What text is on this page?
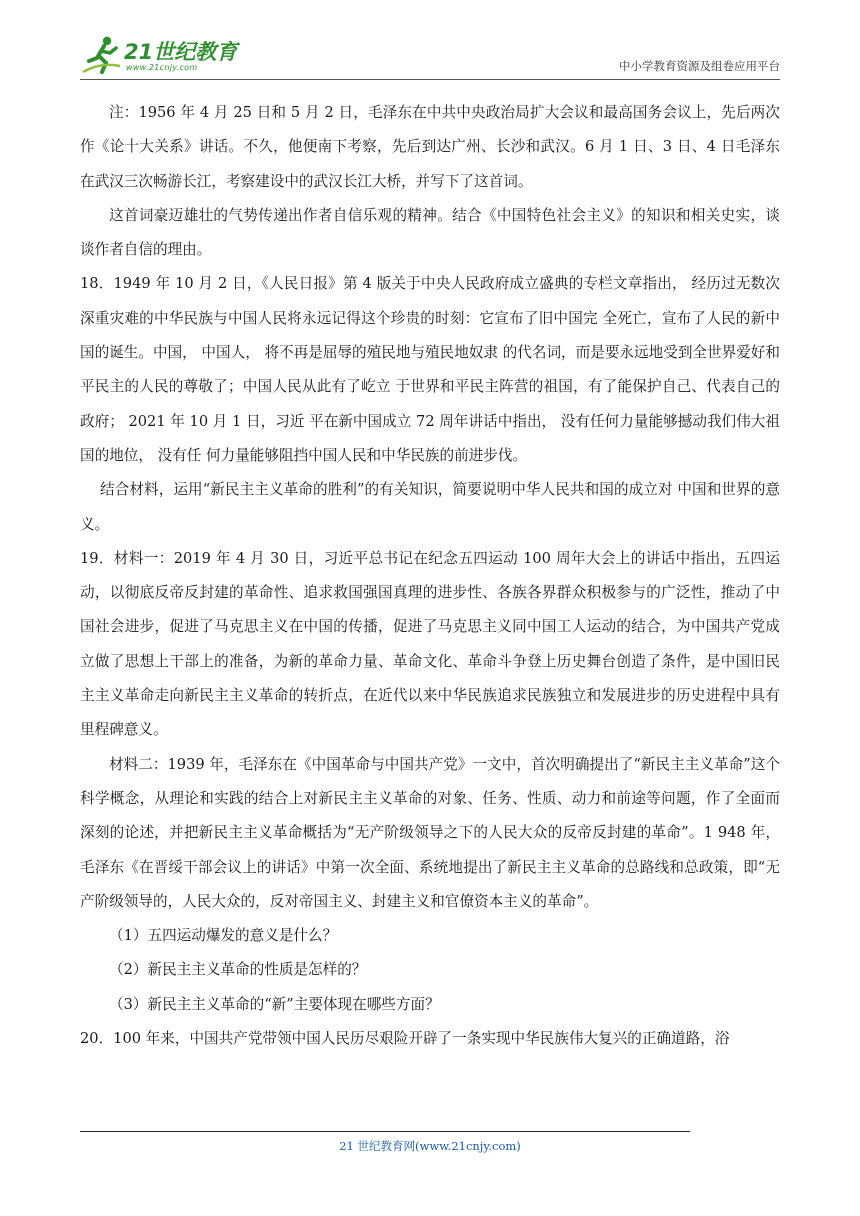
21世纪教育
www.21cnjy.com	中小学教育资源及组卷应用平台

注：1956 年 4 月 25 日和 5 月 2 日，毛泽东在中共中央政治局扩大会议和最高国务会议上，先后两次作《论十大关系》讲话。不久，他便南下考察，先后到达广州、长沙和武汉。6 月 1 日、3 日、4 日毛泽东在武汉三次畅游长江，考察建设中的武汉长江大桥，并写下了这首词。

这首词豪迈雄壮的气势传递出作者自信乐观的精神。结合《中国特色社会主义》的知识和相关史实，谈谈作者自信的理由。

18．1949 年 10 月 2 日，《人民日报》第 4 版关于中央人民政府成立盛典的专栏文章指出， 经历过无数次深重灾难的中华民族与中国人民将永远记得这个珍贵的时刻：它宣布了旧中国完 全死亡，宣布了人民的新中国的诞生。中国， 中国人， 将不再是屈辱的殖民地与殖民地奴隶 的代名词，而是要永远地受到全世界爱好和平民主的人民的尊敬了；中国人民从此有了屹立 于世界和平民主阵营的祖国，有了能保护自己、代表自己的政府； 2021 年 10 月 1 日，习近 平在新中国成立 72 周年讲话中指出， 没有任何力量能够撼动我们伟大祖国的地位， 没有任 何力量能够阻挡中国人民和中华民族的前进步伐。

结合材料，运用“新民主主义革命的胜利”的有关知识，简要说明中华人民共和国的成立对 中国和世界的意义。

19．材料一：2019 年 4 月 30 日，习近平总书记在纪念五四运动 100 周年大会上的讲话中指出，五四运动，以彻底反帝反封建的革命性、追求救国强国真理的进步性、各族各界群众积极参与的广泛性，推动了中国社会进步，促进了马克思主义在中国的传播，促进了马克思主义同中国工人运动的结合，为中国共产党成立做了思想上干部上的准备，为新的革命力量、革命文化、革命斗争登上历史舞台创造了条件，是中国旧民主主义革命走向新民主主义革命的转折点，在近代以来中华民族追求民族独立和发展进步的历史进程中具有里程碑意义。

材料二：1939 年，毛泽东在《中国革命与中国共产党》一文中，首次明确提出了“新民主主义革命”这个科学概念，从理论和实践的结合上对新民主主义革命的对象、任务、性质、动力和前途等问题，作了全面而深刻的论述，并把新民主主义革命概括为“无产阶级领导之下的人民大众的反帝反封建的革命”。1 948 年，毛泽东《在晋绥干部会议上的讲话》中第一次全面、系统地提出了新民主主义革命的总路线和总政策，即“无产阶级领导的，人民大众的，反对帝国主义、封建主义和官僚资本主义的革命”。

（1）五四运动爆发的意义是什么？

（2）新民主主义革命的性质是怎样的？

（3）新民主主义革命的“新”主要体现在哪些方面？

20．100 年来，中国共产党带领中国人民历尽艰险开辟了一条实现中华民族伟大复兴的正确道路，浴

21 世纪教育网(www.21cnjy.com)
